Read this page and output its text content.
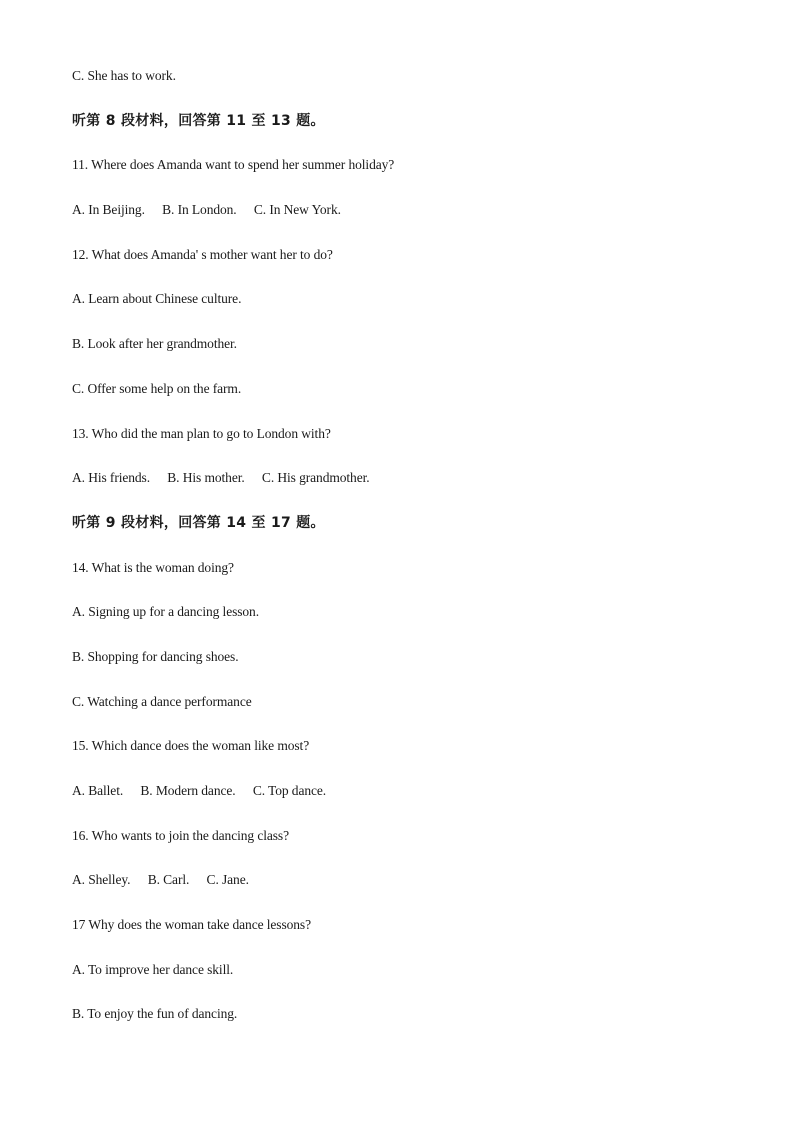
C. She has to work.
听第 8 段材料，回答第 11 至 13 题。
11. Where does Amanda want to spend her summer holiday?
A. In Beijing. B. In London. C. In New York.
12. What does Amanda' s mother want her to do?
A. Learn about Chinese culture.
B. Look after her grandmother.
C. Offer some help on the farm.
13. Who did the man plan to go to London with?
A. His friends. B. His mother. C. His grandmother.
听第 9 段材料，回答第 14 至 17 题。
14. What is the woman doing?
A. Signing up for a dancing lesson.
B. Shopping for dancing shoes.
C. Watching a dance performance
15. Which dance does the woman like most?
A. Ballet. B. Modern dance. C. Top dance.
16. Who wants to join the dancing class?
A. Shelley. B. Carl. C. Jane.
17 Why does the woman take dance lessons?
A. To improve her dance skill.
B. To enjoy the fun of dancing.
